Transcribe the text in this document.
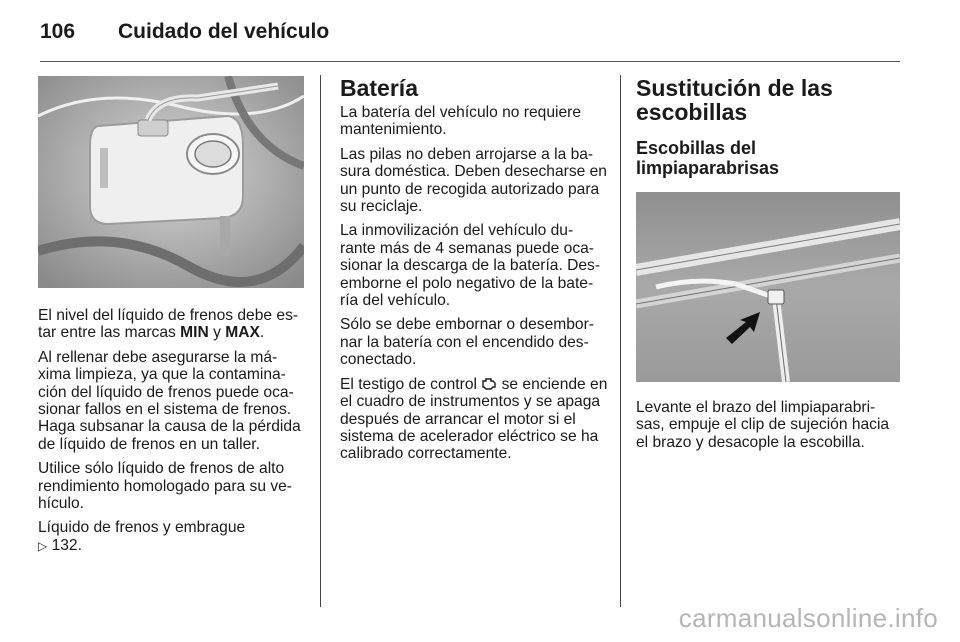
106 Cuidado del vehículo

El nivel del líquido de frenos debe es-tar entre las marcas MIN y MAX.

Al rellenar debe asegurarse la má-xima limpieza, ya que la contamina-ción del líquido de frenos puede oca-sionar fallos en el sistema de frenos. Haga subsanar la causa de la pérdida de líquido de frenos en un taller.

Utilice sólo líquido de frenos de alto rendimiento homologado para su ve-hículo.

Líquido de frenos y embrague
▷ 132.

Batería

La batería del vehículo no requiere mantenimiento.

Las pilas no deben arrojarse a la ba-sura doméstica. Deben desecharse en un punto de recogida autorizado para su reciclaje.

La inmovilización del vehículo du-rante más de 4 semanas puede oca-sionar la descarga de la batería. Des-emborne el polo negativo de la bate-ría del vehículo.

Sólo se debe embornar o desembor-nar la batería con el encendido des-conectado.

El testigo de control  se enciende en el cuadro de instrumentos y se apaga después de arrancar el motor si el sistema de acelerador eléctrico se ha calibrado correctamente.

Sustitución de las escobillas
Escobillas del limpiaparabrisas

Levante el brazo del limpiaparabri-sas, empuje el clip de sujeción hacia el brazo y desacople la escobilla.

carmanualsonline.info
